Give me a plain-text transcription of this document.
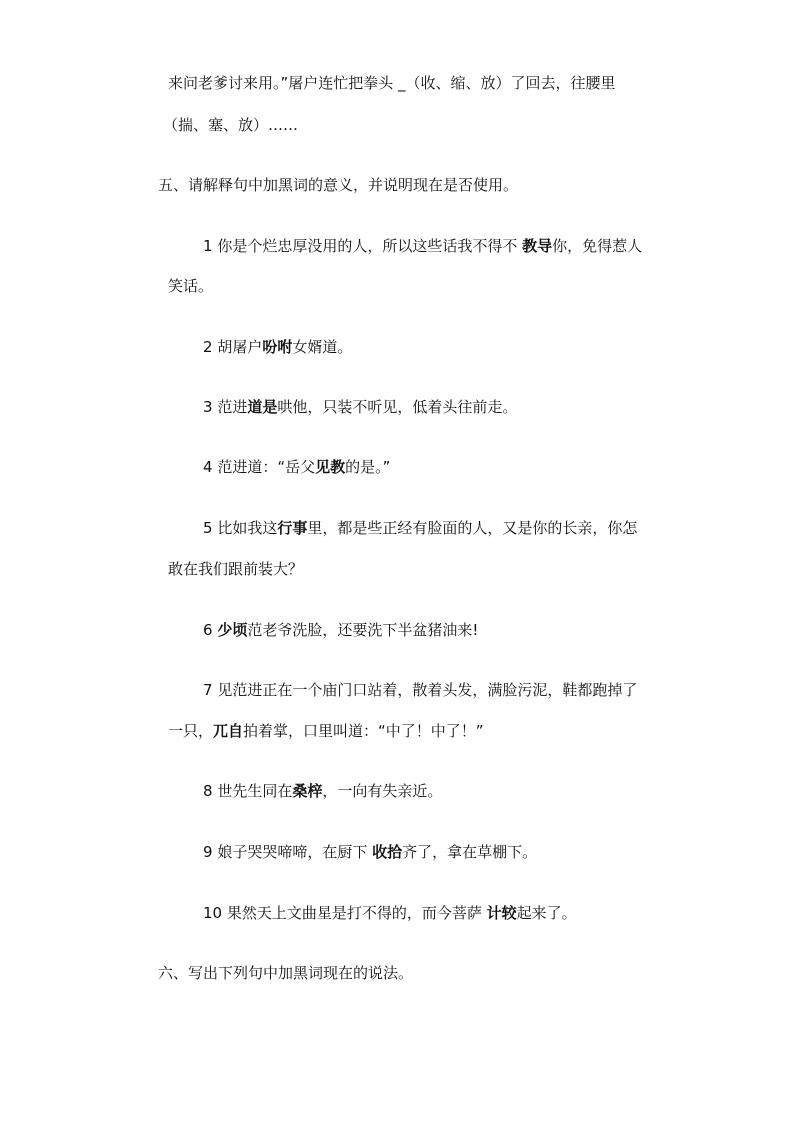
来问老爹讨来用。”屠户连忙把拳头 _（收、缩、放）了回去，往腰里
（揣、塞、放）……
五、请解释句中加黑词的意义，并说明现在是否使用。
1 你是个烂忠厚没用的人，所以这些话我不得不 教导你，免得惹人
笑话。
2 胡屠户吩咐女婿道。
3 范进道是哄他，只装不听见，低着头往前走。
4 范进道：“岳父见教的是。”
5 比如我这行事里，都是些正经有脸面的人，又是你的长亲，你怎
敢在我们跟前装大？
6 少顷范老爷洗脸，还要洗下半盆猪油来!
7 见范进正在一个庙门口站着，散着头发，满脸污泥，鞋都跑掉了
一只，兀自拍着掌，口里叫道：“中了！中了！”
8 世先生同在桑梓，一向有失亲近。
9 娘子哭哭啼啼，在厨下 收拾齐了，拿在草棚下。
10 果然天上文曲星是打不得的，而今菩萨 计较起来了。
六、写出下列句中加黑词现在的说法。
